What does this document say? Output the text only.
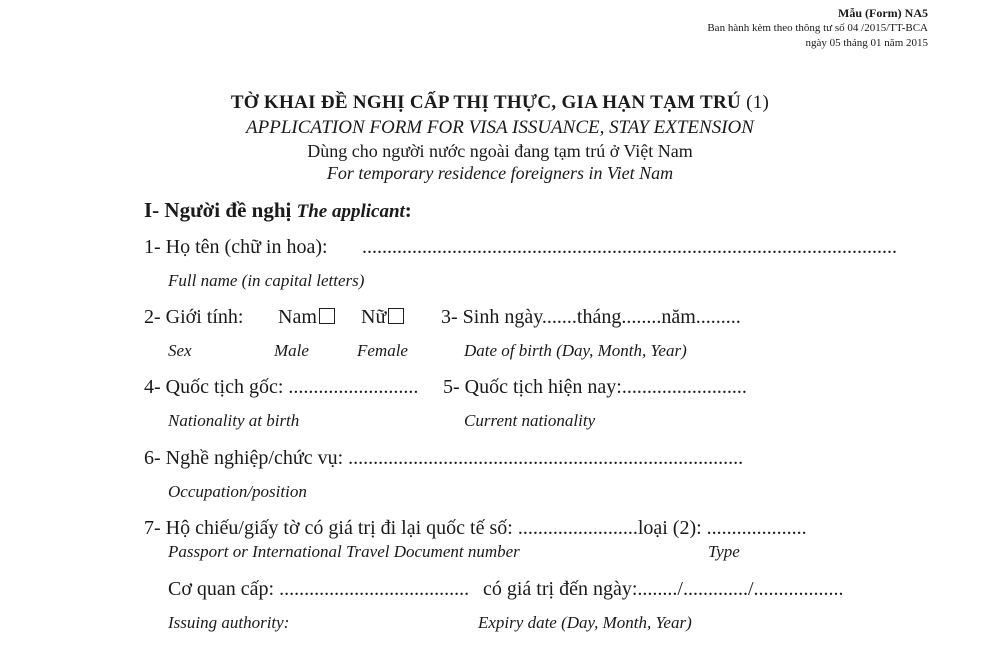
Mẫu (Form) NA5
Ban hành kèm theo thông tư số 04 /2015/TT-BCA
ngày 05 tháng 01 năm 2015
TỜ KHAI ĐỀ NGHỊ CẤP THỊ THỰC, GIA HẠN TẠM TRÚ (1)
APPLICATION FORM FOR VISA ISSUANCE, STAY EXTENSION
Dùng cho người nước ngoài đang tạm trú ở Việt Nam
For temporary residence foreigners in Viet Nam
I- Người đề nghị The applicant:
1- Họ tên (chữ in hoa): ...........................................................................................................
Full name (in capital letters)
2- Giới tính: Nam	Nữ	3- Sinh ngày.......tháng........năm.........
Sex	Male	Female	Date of birth (Day, Month, Year)
4- Quốc tịch gốc: .......................... 5- Quốc tịch hiện nay:.........................
Nationality at birth	Current nationality
6- Nghề nghiệp/chức vụ: ...............................................................................
Occupation/position
7- Hộ chiếu/giấy tờ có giá trị đi lại quốc tế số: ........................loại (2): ....................
Passport or International Travel Document number	Type
Cơ quan cấp: ...................................... có giá trị đến ngày:......../............./..................
Issuing authority:	Expiry date (Day, Month, Year)
